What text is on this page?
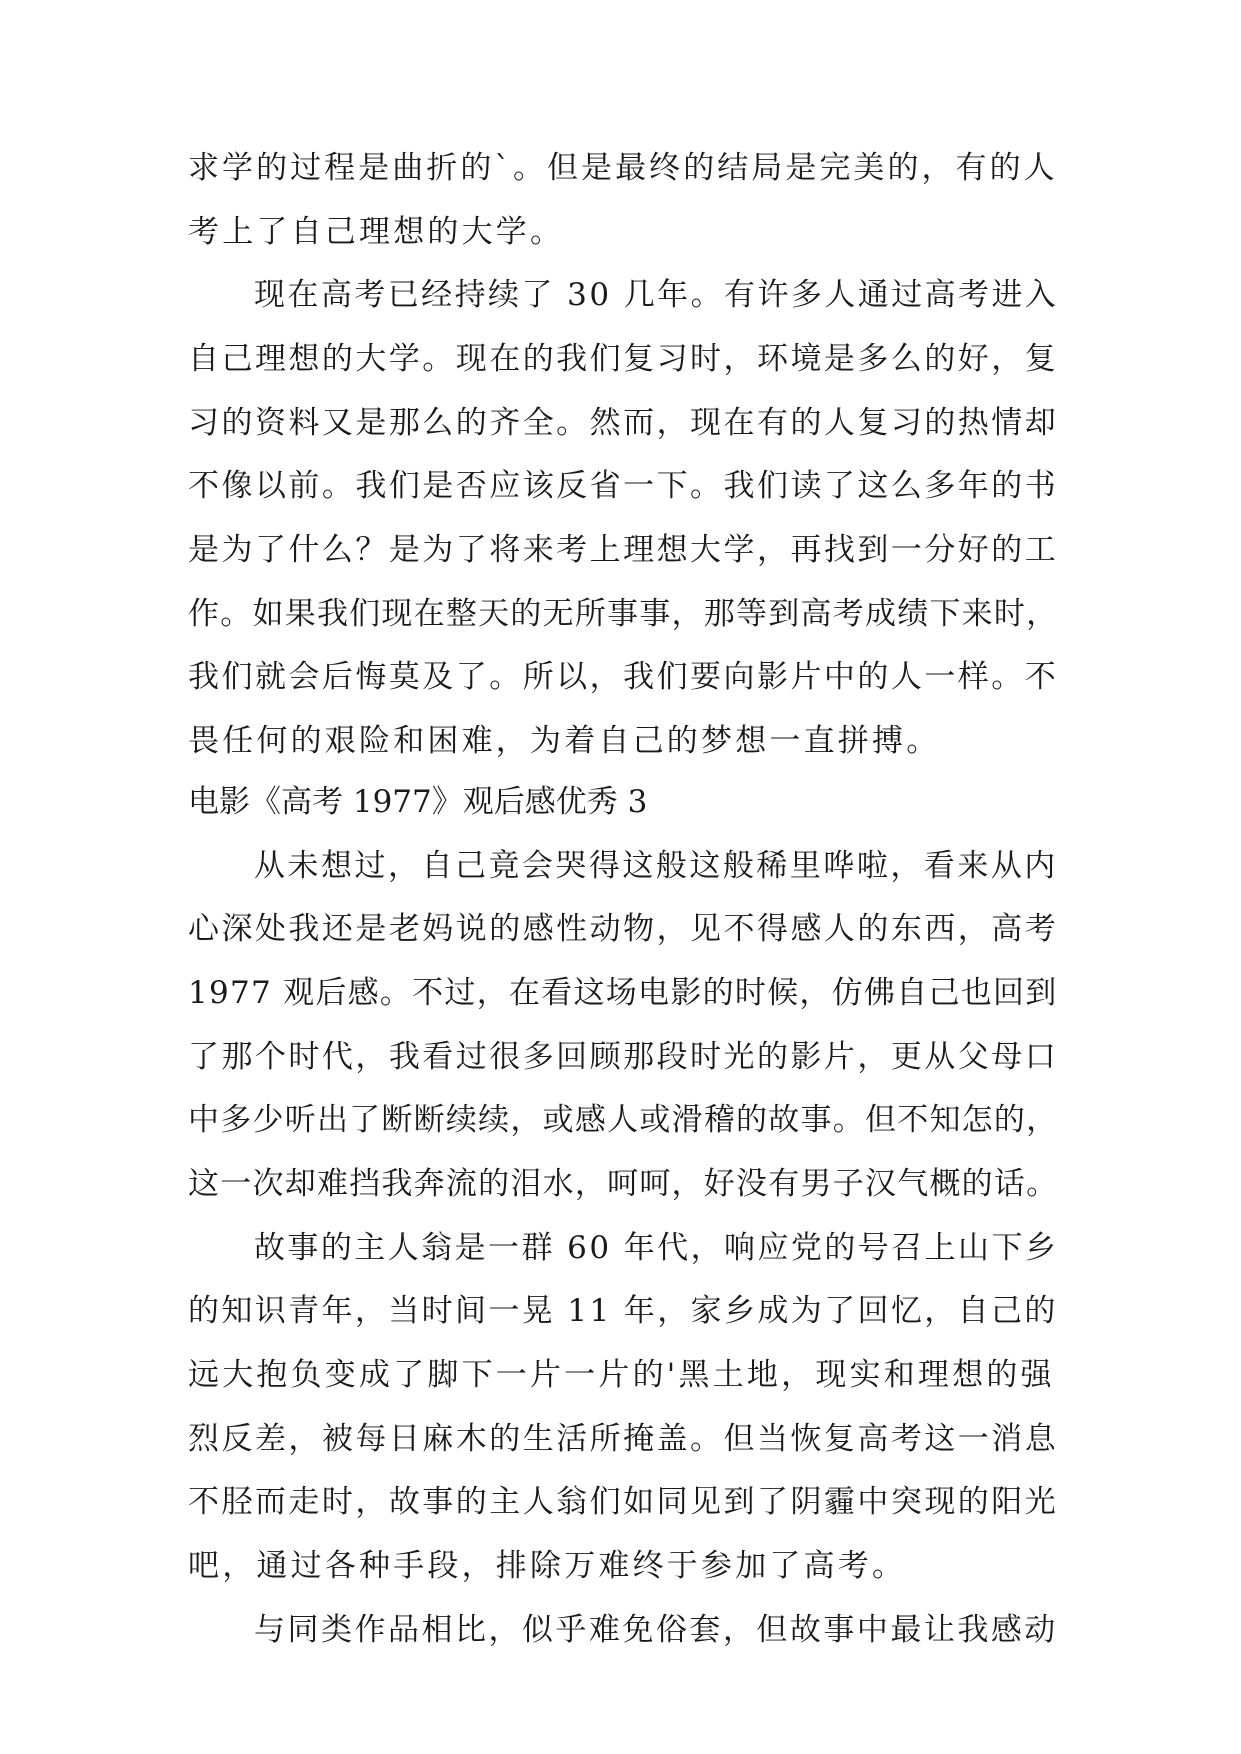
求学的过程是曲折的`。但是最终的结局是完美的，有的人
考上了自己理想的大学。
现在高考已经持续了 30 几年。有许多人通过高考进入
自己理想的大学。现在的我们复习时，环境是多么的好，复
习的资料又是那么的齐全。然而，现在有的人复习的热情却
不像以前。我们是否应该反省一下。我们读了这么多年的书
是为了什么？是为了将来考上理想大学，再找到一分好的工
作。如果我们现在整天的无所事事，那等到高考成绩下来时，
我们就会后悔莫及了。所以，我们要向影片中的人一样。不
畏任何的艰险和困难，为着自己的梦想一直拼搏。
电影《高考 1977》观后感优秀 3
从未想过，自己竟会哭得这般这般稀里哗啦，看来从内
心深处我还是老妈说的感性动物，见不得感人的东西，高考
1977 观后感。不过，在看这场电影的时候，仿佛自己也回到
了那个时代，我看过很多回顾那段时光的影片，更从父母口
中多少听出了断断续续，或感人或滑稽的故事。但不知怎的，
这一次却难挡我奔流的泪水，呵呵，好没有男子汉气概的话。
故事的主人翁是一群 60 年代，响应党的号召上山下乡
的知识青年，当时间一晃 11 年，家乡成为了回忆，自己的
远大抱负变成了脚下一片一片的'黑土地，现实和理想的强
烈反差，被每日麻木的生活所掩盖。但当恢复高考这一消息
不胫而走时，故事的主人翁们如同见到了阴霾中突现的阳光
吧，通过各种手段，排除万难终于参加了高考。
与同类作品相比，似乎难免俗套，但故事中最让我感动
